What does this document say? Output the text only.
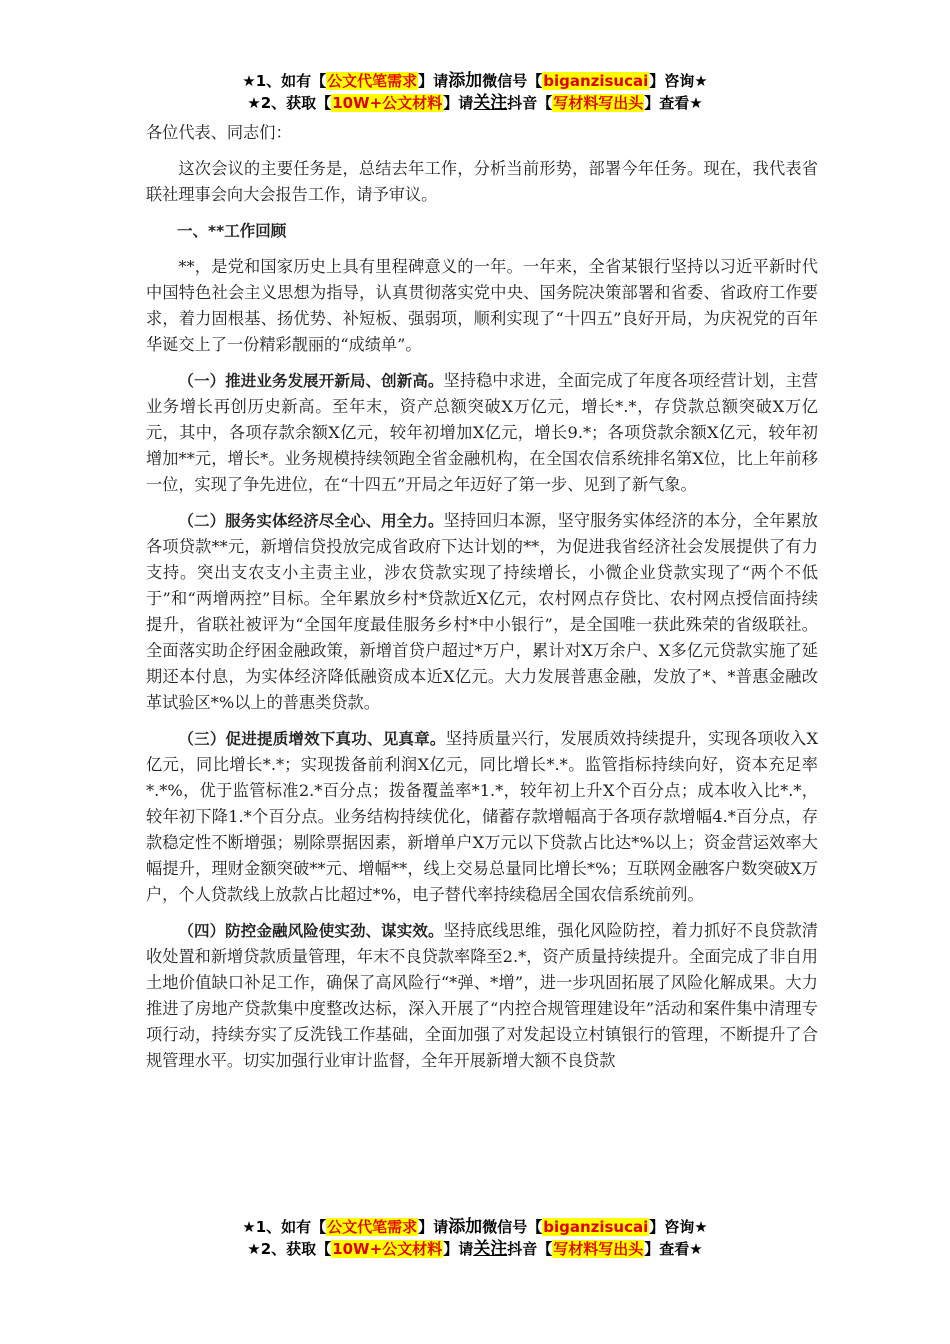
★1、如有【公文代笔需求】请添加微信号【biganzisucai】咨询★
★2、获取【10W+公文材料】请关注抖音【写材料写出头】查看★

各位代表、同志们：

这次会议的主要任务是，总结去年工作，分析当前形势，部署今年任务。现在，我代表省联社理事会向大会报告工作，请予审议。

一、**工作回顾

**，是党和国家历史上具有里程碑意义的一年。一年来，全省某银行坚持以习近平新时代中国特色社会主义思想为指导，认真贯彻落实党中央、国务院决策部署和省委、省政府工作要求，着力固根基、扬优势、补短板、强弱项，顺利实现了“十四五”良好开局，为庆祝党的百年华诞交上了一份精彩靓丽的“成绩单”。

（一）推进业务发展开新局、创新高。坚持稳中求进，全面完成了年度各项经营计划，主营业务增长再创历史新高。至年末，资产总额突破X万亿元，增长*.*，存贷款总额突破X万亿元，其中，各项存款余额X亿元，较年初增加X亿元，增长9.*；各项贷款余额X亿元，较年初增加**元，增长*。业务规模持续领跑全省金融机构，在全国农信系统排名第X位，比上年前移一位，实现了争先进位，在“十四五”开局之年迈好了第一步、见到了新气象。

（二）服务实体经济尽全心、用全力。坚持回归本源，坚守服务实体经济的本分，全年累放各项贷款**元，新增信贷投放完成省政府下达计划的**，为促进我省经济社会发展提供了有力支持。突出支农支小主责主业，涉农贷款实现了持续增长，小微企业贷款实现了“两个不低于”和“两增两控”目标。全年累放乡村*贷款近X亿元，农村网点存贷比、农村网点授信面持续提升，省联社被评为“全国年度最佳服务乡村*中小银行”，是全国唯一获此殊荣的省级联社。全面落实助企纾困金融政策，新增首贷户超过*万户，累计对X万余户、X多亿元贷款实施了延期还本付息，为实体经济降低融资成本近X亿元。大力发展普惠金融，发放了*、*普惠金融改革试验区*%以上的普惠类贷款。

（三）促进提质增效下真功、见真章。坚持质量兴行，发展质效持续提升，实现各项收入X亿元，同比增长*.*；实现拨备前利润X亿元，同比增长*.*。监管指标持续向好，资本充足率*.*%，优于监管标准2.*百分点；拨备覆盖率*1.*，较年初上升X个百分点；成本收入比*.*，较年初下降1.*个百分点。业务结构持续优化，储蓄存款增幅高于各项存款增幅4.*百分点，存款稳定性不断增强；剔除票据因素，新增单户X万元以下贷款占比达*%以上；资金营运效率大幅提升，理财金额突破**元、增幅**，线上交易总量同比增长*%；互联网金融客户数突破X万户，个人贷款线上放款占比超过*%，电子替代率持续稳居全国农信系统前列。

（四）防控金融风险使实劲、谋实效。坚持底线思维，强化风险防控，着力抓好不良贷款清收处置和新增贷款质量管理，年末不良贷款率降至2.*，资产质量持续提升。全面完成了非自用土地价值缺口补足工作，确保了高风险行“*弹、*增”，进一步巩固拓展了风险化解成果。大力推进了房地产贷款集中度整改达标，深入开展了“内控合规管理建设年”活动和案件集中清理专项行动，持续夯实了反洗钱工作基础，全面加强了对发起设立村镇银行的管理，不断提升了合规管理水平。切实加强行业审计监督，全年开展新增大额不良贷款

★1、如有【公文代笔需求】请添加微信号【biganzisucai】咨询★
★2、获取【10W+公文材料】请关注抖音【写材料写出头】查看★
